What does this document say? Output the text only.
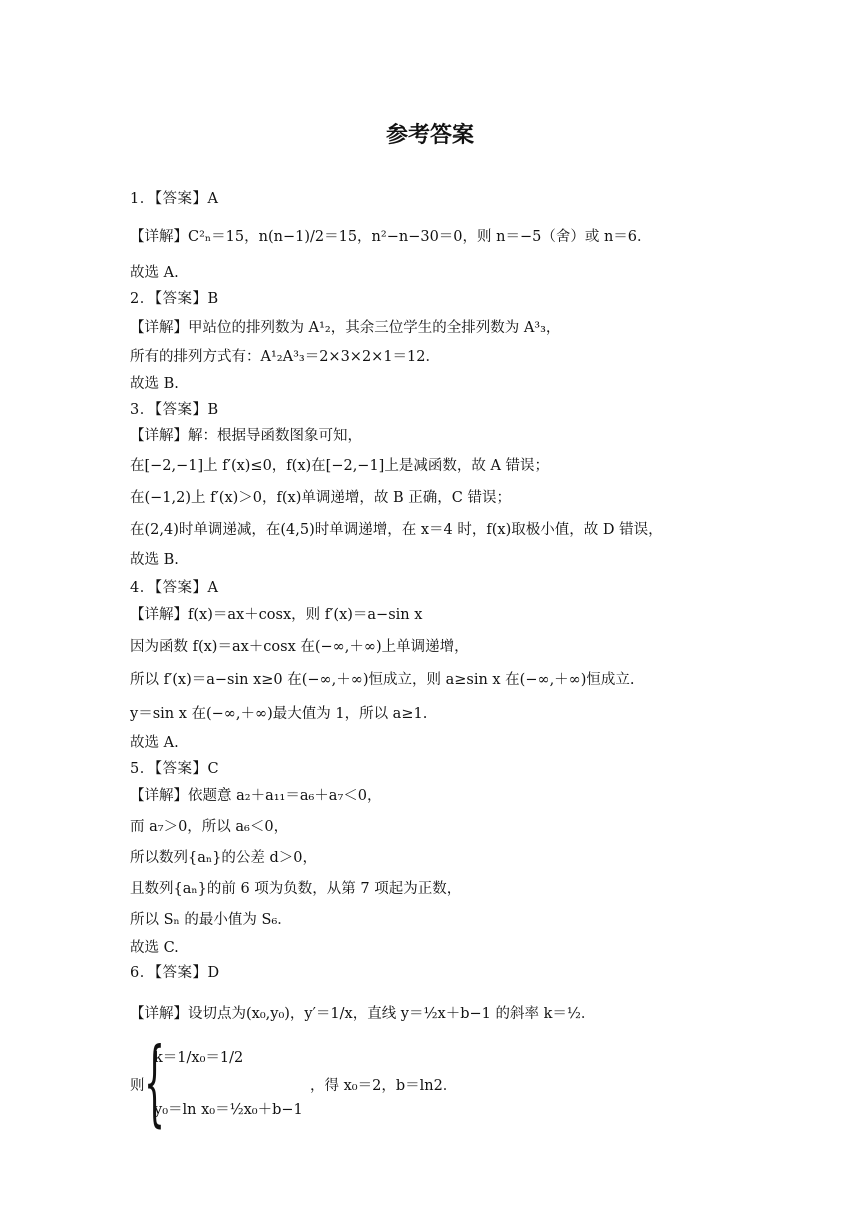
参考答案
1．【答案】A
【详解】C²ₙ＝15，n(n−1)/2＝15，n²−n−30＝0，则 n＝−5（舍）或 n＝6．
故选 A.
2．【答案】B
【详解】甲站位的排列数为 A¹₂，其余三位学生的全排列数为 A³₃，
所有的排列方式有：A¹₂A³₃＝2×3×2×1＝12．
故选 B.
3．【答案】B
【详解】解：根据导函数图象可知，
在[−2,−1]上 f′(x)≤0，f(x)在[−2,−1]上是减函数，故 A 错误；
在(−1,2)上 f′(x)＞0，f(x)单调递增，故 B 正确，C 错误；
在(2,4)时单调递减，在(4,5)时单调递增，在 x＝4 时，f(x)取极小值，故 D 错误，
故选 B.
4．【答案】A
【详解】f(x)＝ax＋cosx，则 f′(x)＝a−sin x
因为函数 f(x)＝ax＋cosx 在(−∞,＋∞)上单调递增，
所以 f′(x)＝a−sin x≥0 在(−∞,＋∞)恒成立，则 a≥sin x 在(−∞,＋∞)恒成立.
y＝sin x 在(−∞,＋∞)最大值为 1，所以 a≥1.
故选 A.
5．【答案】C
【详解】依题意 a₂＋a₁₁＝a₆＋a₇＜0，
而 a₇＞0，所以 a₆＜0，
所以数列{aₙ}的公差 d＞0，
且数列{aₙ}的前 6 项为负数，从第 7 项起为正数，
所以 Sₙ 的最小值为 S₆．
故选 C.
6．【答案】D
【详解】设切点为(x₀,y₀)，y′＝1/x，直线 y＝½x＋b−1 的斜率 k＝½．
则 {
k＝1/x₀＝1/2
y₀＝ln x₀＝½x₀＋b−1
，得 x₀＝2，b＝ln2．
